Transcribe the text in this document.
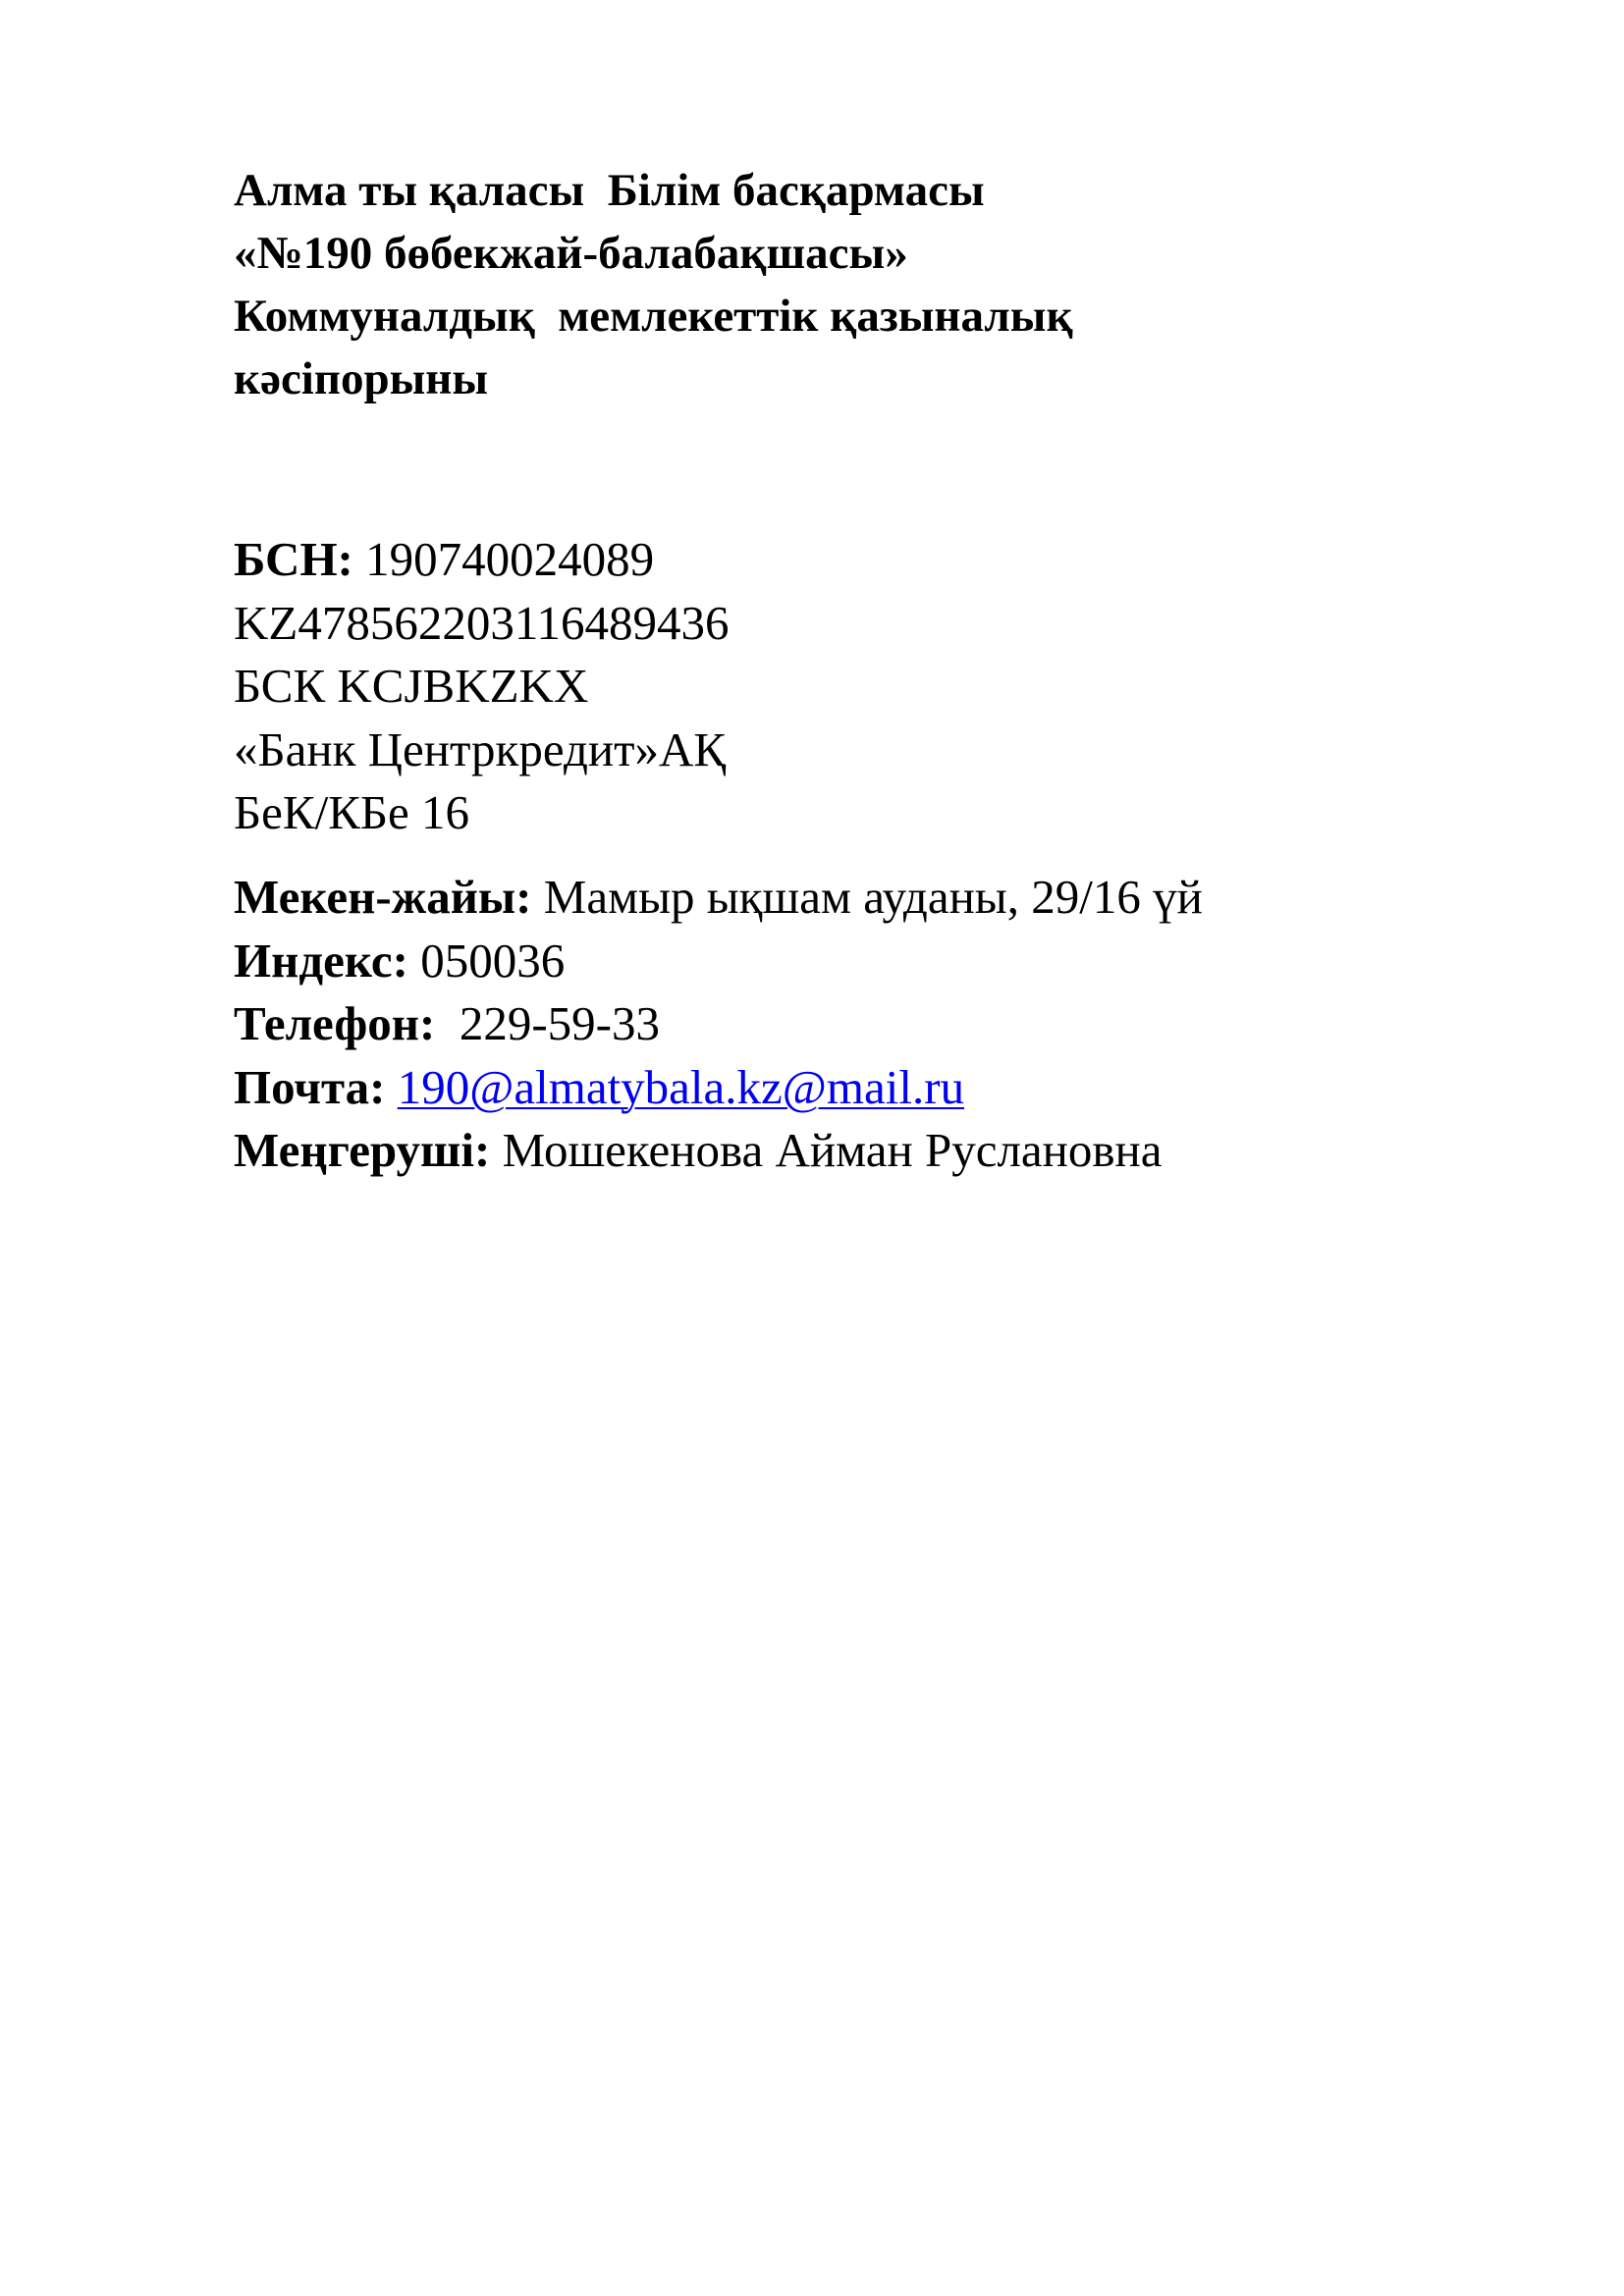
Алма ты қаласы  Білім басқармасы
«№190 бөбекжай-балабақшасы»
Коммуналдық  мемлекеттік қазыналық
кәсіпорыны
БСН: 190740024089
KZ478562203116489436
БСК KCJBKZKX
«Банк Центркредит»АҚ
БеК/КБе 16
Мекен-жайы: Мамыр ықшам ауданы, 29/16 үй
Индекс: 050036
Телефон:  229-59-33
Почта: 190@almatybala.kz@mail.ru
Меңгеруші: Мошекенова Айман Руслановна
